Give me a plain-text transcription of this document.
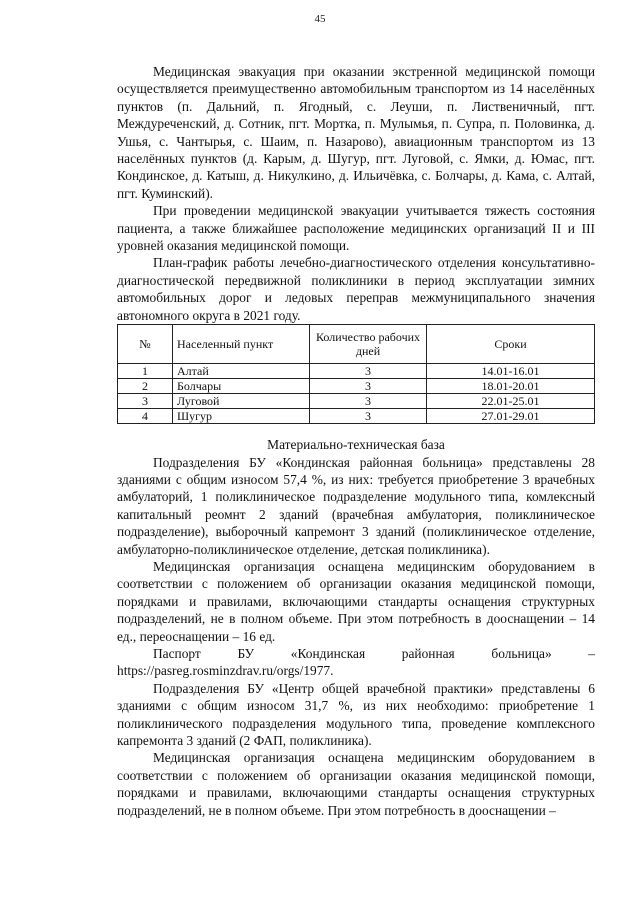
45

Медицинская эвакуация при оказании экстренной медицинской помощи осуществляется преимущественно автомобильным транспортом из 14 населённых пунктов (п. Дальний, п. Ягодный, с. Леуши, п. Лиственичный, пгт. Междуреченский, д. Сотник, пгт. Мортка, п. Мулымья, п. Супра, п. Половинка, д. Ушья, с. Чантырья, с. Шаим, п. Назарово), авиационным транспортом из 13 населённых пунктов (д. Карым, д. Шугур, пгт. Луговой, с. Ямки, д. Юмас, пгт. Кондинское, д. Катыш, д. Никулкино, д. Ильичёвка, с. Болчары, д. Кама, с. Алтай, пгт. Куминский).

При проведении медицинской эвакуации учитывается тяжесть состояния пациента, а также ближайшее расположение медицинских организаций II и III уровней оказания медицинской помощи.

План-график работы лечебно-диагностического отделения консультативно-диагностической передвижной поликлиники в период эксплуатации зимних автомобильных дорог и ледовых переправ межмуниципального значения автономного округа в 2021 году.

№	Населенный пункт	Количество рабочих дней	Сроки
1	Алтай	3	14.01-16.01
2	Болчары	3	18.01-20.01
3	Луговой	3	22.01-25.01
4	Шугур	3	27.01-29.01

Материально-техническая база

Подразделения БУ «Кондинская районная больница» представлены 28 зданиями с общим износом 57,4 %, из них: требуется приобретение 3 врачебных амбулаторий, 1 поликлиническое подразделение модульного типа, комлексный капитальный реомнт 2 зданий (врачебная амбулатория, поликлиническое подразделение), выборочный капремонт 3 зданий (поликлиническое отделение, амбулаторно-поликлиническое отделение, детская поликлиника).

Медицинская организация оснащена медицинским оборудованием в соответствии с положением об организации оказания медицинской помощи, порядками и правилами, включающими стандарты оснащения структурных подразделений, не в полном объеме. При этом потребность в дооснащении – 14 ед., переоснащении – 16 ед.

Паспорт БУ «Кондинская районная больница» – https://pasreg.rosminzdrav.ru/orgs/1977.

Подразделения БУ «Центр общей врачебной практики» представлены 6 зданиями с общим износом 31,7 %, из них необходимо: приобретение 1 поликлинического подразделения модульного типа, проведение комплексного капремонта 3 зданий (2 ФАП, поликлиника).

Медицинская организация оснащена медицинским оборудованием в соответствии с положением об организации оказания медицинской помощи, порядками и правилами, включающими стандарты оснащения структурных подразделений, не в полном объеме. При этом потребность в дооснащении –
